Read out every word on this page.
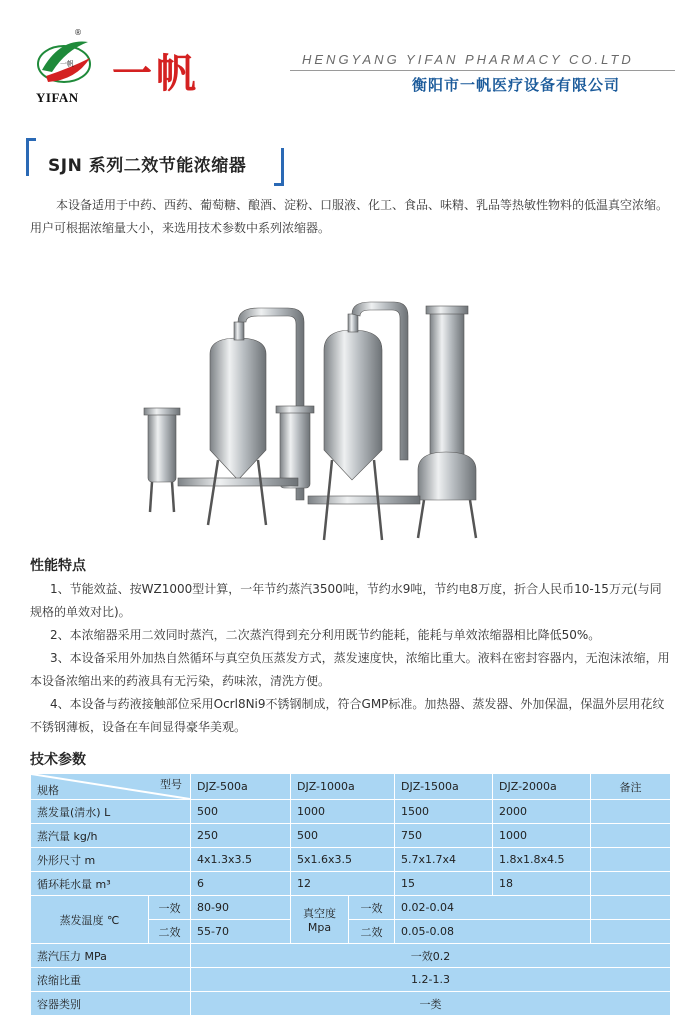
一帆
®
YIFAN
一帆	HENGYANG YIFAN PHARMACY CO.LTD
衡阳市一帆医疗设备有限公司
SJN 系列二效节能浓缩器

本设备适用于中药、西药、葡萄糖、酿酒、淀粉、口服液、化工、食品、味精、乳品等热敏性物料的低温真空浓缩。用户可根据浓缩量大小，来选用技术参数中系列浓缩器。

性能特点

1、节能效益、按WZ1000型计算，一年节约蒸汽3500吨，节约水9吨，节约电8万度，折合人民币10-15万元(与同规格的单效对比)。

2、本浓缩器采用二效同时蒸汽，二次蒸汽得到充分利用既节约能耗，能耗与单效浓缩器相比降低50%。

3、本设备采用外加热自然循环与真空负压蒸发方式，蒸发速度快，浓缩比重大。液料在密封容器内，无泡沫浓缩，用本设备浓缩出来的药液具有无污染，药味浓，清洗方便。

4、本设备与药液接触部位采用Ocrl8Ni9不锈钢制成，符合GMP标准。加热器、蒸发器、外加保温，保温外层用花纹不锈钢薄板，设备在车间显得豪华美观。

技术参数
型号
规格		DJZ-500a	DJZ-1000a		DJZ-1500a	DJZ-2000a	备注
蒸发量(清水) L		500	1000		1500	2000	
蒸汽量 kg/h		250	500		750	1000	
外形尺寸 m		4x1.3x3.5	5x1.6x3.5		5.7x1.7x4	1.8x1.8x4.5	
循环耗水量 m³		6	12		15	18	
蒸发温度 ℃	一效	80-90	真空度 Mpa	一效	0.02-0.04		
	二效	55-70		二效	0.05-0.08		
蒸汽压力 MPa		一效0.2					
浓缩比重		1.2-1.3					
容器类别		一类					
